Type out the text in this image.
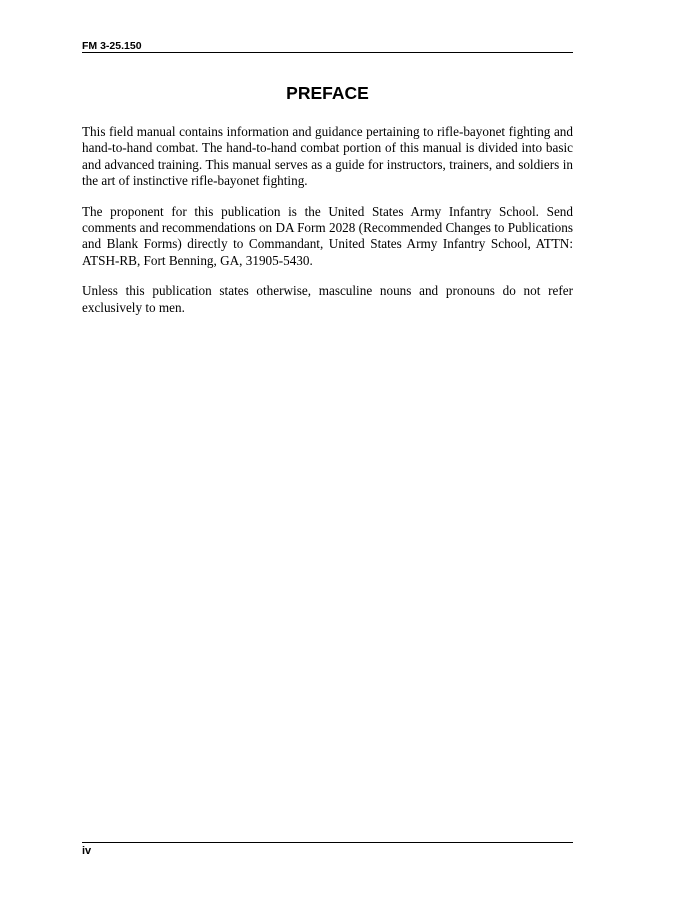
FM 3-25.150
PREFACE

This field manual contains information and guidance pertaining to rifle-bayonet fighting and hand-to-hand combat. The hand-to-hand combat portion of this manual is divided into basic and advanced training. This manual serves as a guide for instructors, trainers, and soldiers in the art of instinctive rifle-bayonet fighting.

The proponent for this publication is the United States Army Infantry School. Send comments and recommendations on DA Form 2028 (Recommended Changes to Publications and Blank Forms) directly to Commandant, United States Army Infantry School, ATTN: ATSH-RB, Fort Benning, GA, 31905-5430.

Unless this publication states otherwise, masculine nouns and pronouns do not refer exclusively to men.

iv
